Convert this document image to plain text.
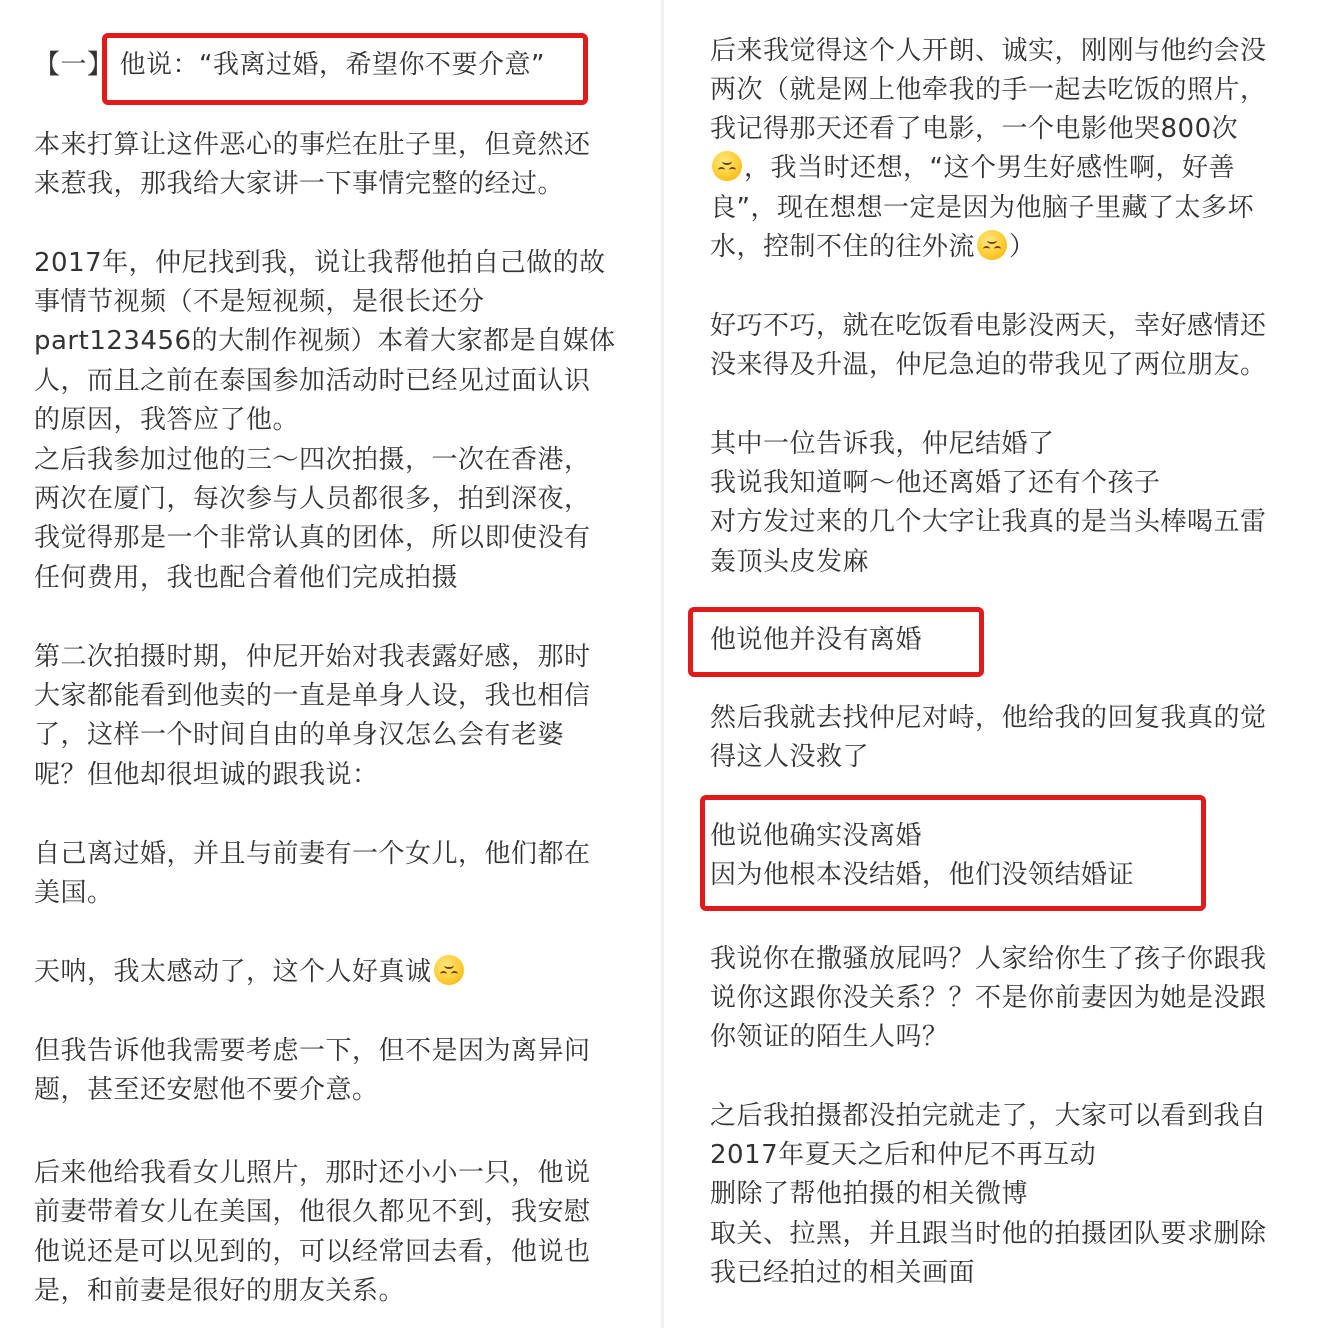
【一】 他说：“我离过婚，希望你不要介意”
本来打算让这件恶心的事烂在肚子里，但竟然还
来惹我，那我给大家讲一下事情完整的经过。
2017年，仲尼找到我，说让我帮他拍自己做的故
事情节视频（不是短视频，是很长还分
part123456的大制作视频）本着大家都是自媒体
人，而且之前在泰国参加活动时已经见过面认识
的原因，我答应了他。
之后我参加过他的三～四次拍摄，一次在香港，
两次在厦门，每次参与人员都很多，拍到深夜，
我觉得那是一个非常认真的团体，所以即使没有
任何费用，我也配合着他们完成拍摄
第二次拍摄时期，仲尼开始对我表露好感，那时
大家都能看到他卖的一直是单身人设，我也相信
了，这样一个时间自由的单身汉怎么会有老婆
呢？但他却很坦诚的跟我说：
自己离过婚，并且与前妻有一个女儿，他们都在
美国。
天呐，我太感动了，这个人好真诚
但我告诉他我需要考虑一下，但不是因为离异问
题，甚至还安慰他不要介意。
后来他给我看女儿照片，那时还小小一只，他说
前妻带着女儿在美国，他很久都见不到，我安慰
他说还是可以见到的，可以经常回去看，他说也
是，和前妻是很好的朋友关系。
后来我觉得这个人开朗、诚实，刚刚与他约会没
两次（就是网上他牵我的手一起去吃饭的照片，
我记得那天还看了电影，一个电影他哭800次
，我当时还想，“这个男生好感性啊，好善
良”，现在想想一定是因为他脑子里藏了太多坏
水，控制不住的往外流 ）
好巧不巧，就在吃饭看电影没两天，幸好感情还
没来得及升温，仲尼急迫的带我见了两位朋友。
其中一位告诉我，仲尼结婚了
我说我知道啊～他还离婚了还有个孩子
对方发过来的几个大字让我真的是当头棒喝五雷
轰顶头皮发麻
他说他并没有离婚
然后我就去找仲尼对峙，他给我的回复我真的觉
得这人没救了
他说他确实没离婚
因为他根本没结婚，他们没领结婚证
我说你在撒骚放屁吗？人家给你生了孩子你跟我
说你这跟你没关系？？不是你前妻因为她是没跟
你领证的陌生人吗？
之后我拍摄都没拍完就走了，大家可以看到我自
2017年夏天之后和仲尼不再互动
删除了帮他拍摄的相关微博
取关、拉黑，并且跟当时他的拍摄团队要求删除
我已经拍过的相关画面
